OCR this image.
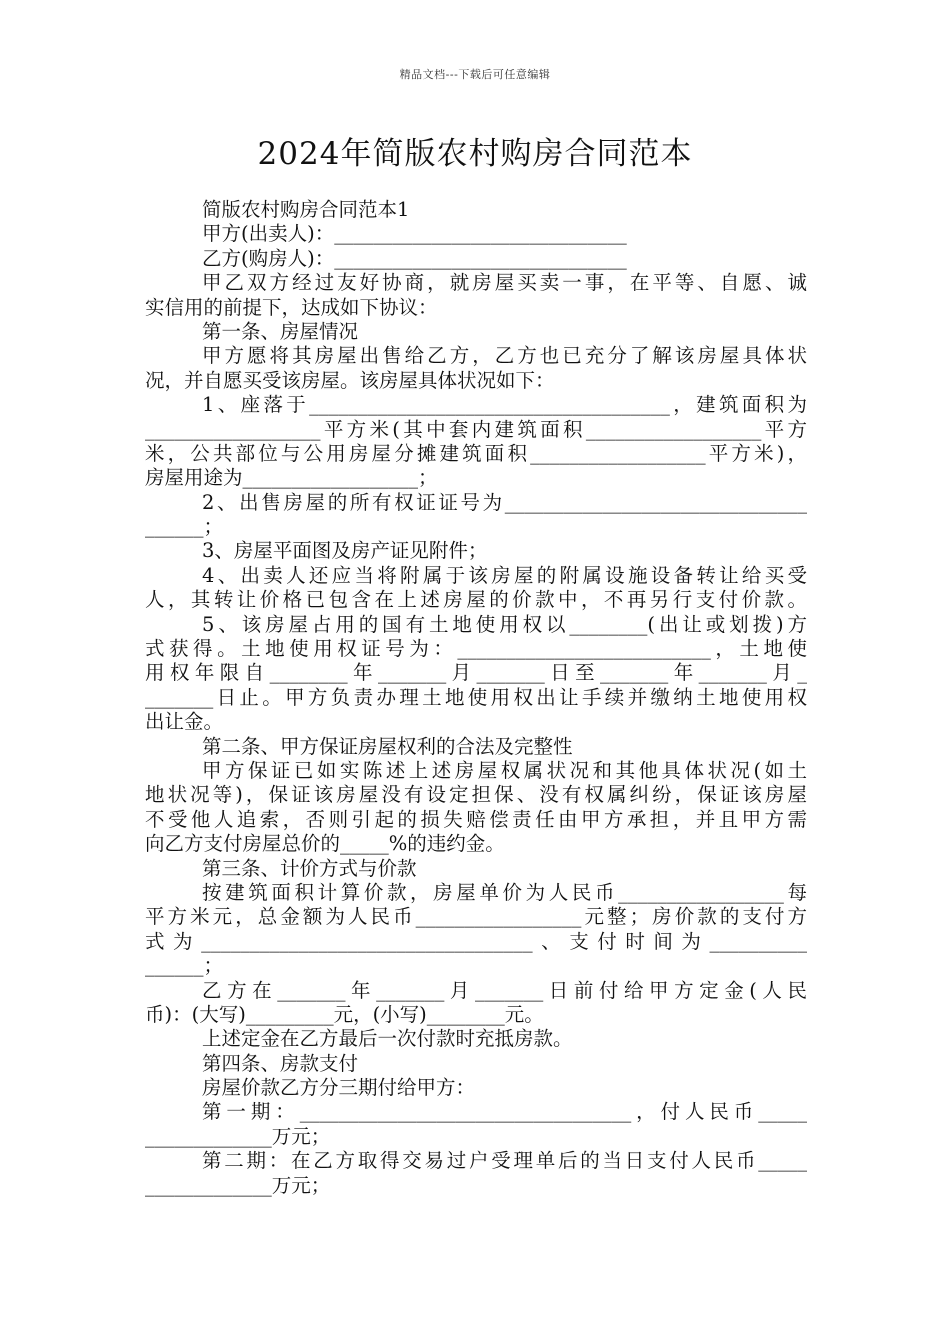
精品文档---下载后可任意编辑
2024年简版农村购房合同范本
简版农村购房合同范本1
甲方(出卖人)：______________________________
乙方(购房人)：______________________________
甲乙双方经过友好协商，就房屋买卖一事，在平等、自愿、诚
实信用的前提下，达成如下协议：
第一条、房屋情况
甲方愿将其房屋出售给乙方，乙方也已充分了解该房屋具体状
况，并自愿买受该房屋。该房屋具体状况如下：
1、座落于_____________________________________，建筑面积为
__________________平方米(其中套内建筑面积__________________平方
米，公共部位与公用房屋分摊建筑面积__________________平方米)，
房屋用途为__________________；
2、出售房屋的所有权证证号为_______________________________
______；
3、房屋平面图及房产证见附件；
4、出卖人还应当将附属于该房屋的附属设施设备转让给买受
人，其转让价格已包含在上述房屋的价款中，不再另行支付价款。
5、该房屋占用的国有土地使用权以________(出让或划拨)方
式获得。土地使用权证号为：__________________________，土地使
用权年限自________年_______月_______日至_______年_______月_
_______日止。甲方负责办理土地使用权出让手续并缴纳土地使用权
出让金。
第二条、甲方保证房屋权利的合法及完整性
甲方保证已如实陈述上述房屋权属状况和其他具体状况(如土
地状况等)，保证该房屋没有设定担保、没有权属纠纷，保证该房屋
不受他人追索，否则引起的损失赔偿责任由甲方承担，并且甲方需
向乙方支付房屋总价的_____%的违约金。
第三条、计价方式与价款
按建筑面积计算价款，房屋单价为人民币_________________每
平方米元，总金额为人民币_________________元整；房价款的支付方
式为__________________________________、支付时间为__________
______；
乙方在_______年_______月_______日前付给甲方定金(人民
币)：(大写)_________元，(小写)________元。
上述定金在乙方最后一次付款时充抵房款。
第四条、房款支付
房屋价款乙方分三期付给甲方：
第一期：__________________________________，付人民币_____
_____________万元；
第二期：在乙方取得交易过户受理单后的当日支付人民币_____
_____________万元；
